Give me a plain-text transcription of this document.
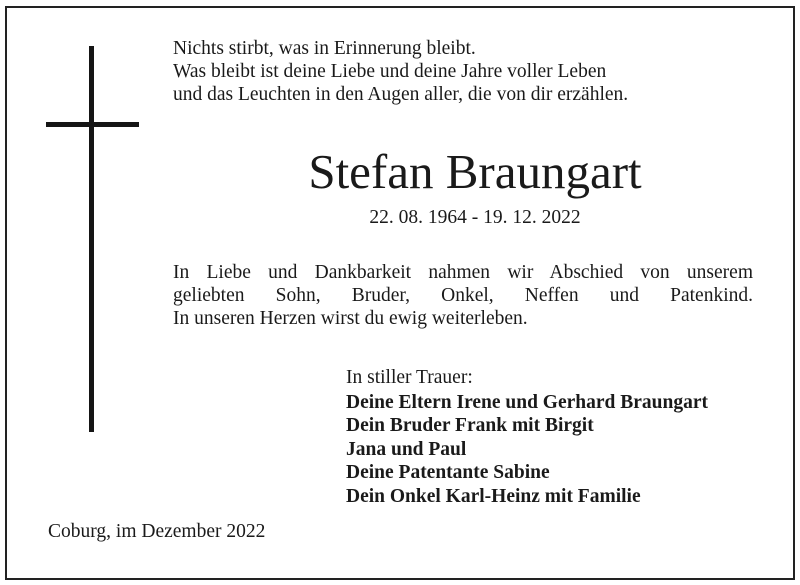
Nichts stirbt, was in Erinnerung bleibt.
Was bleibt ist deine Liebe und deine Jahre voller Leben
und das Leuchten in den Augen aller, die von dir erzählen.
Stefan Braungart
22. 08. 1964 - 19. 12. 2022
In Liebe und Dankbarkeit nahmen wir Abschied von unserem
geliebten Sohn, Bruder, Onkel, Neffen und Patenkind.
In unseren Herzen wirst du ewig weiterleben.
In stiller Trauer:
Deine Eltern Irene und Gerhard Braungart
Dein Bruder Frank mit Birgit
Jana und Paul
Deine Patentante Sabine
Dein Onkel Karl-Heinz mit Familie
Coburg, im Dezember 2022
